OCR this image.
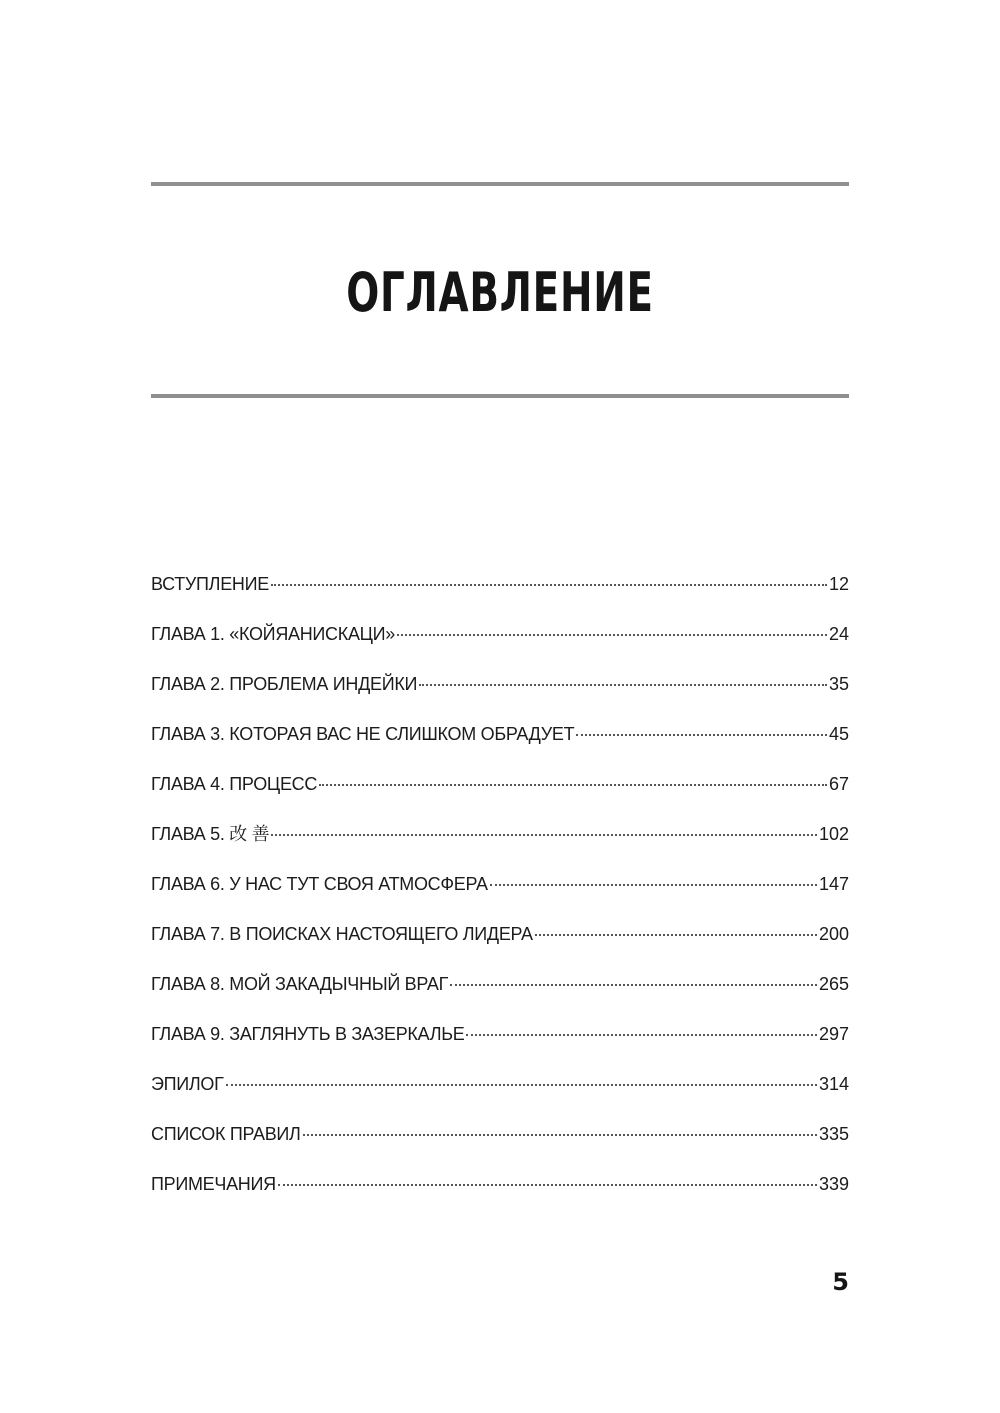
ОГЛАВЛЕНИЕ
ВСТУПЛЕНИЕ	12
ГЛАВА 1. «КОЙЯАНИСКАЦИ»	24
ГЛАВА 2. ПРОБЛЕМА ИНДЕЙКИ	35
ГЛАВА 3. КОТОРАЯ ВАС НЕ СЛИШКОМ ОБРАДУЕТ	45
ГЛАВА 4. ПРОЦЕСС	67
ГЛАВА 5. 改 善	102
ГЛАВА 6. У НАС ТУТ СВОЯ АТМОСФЕРА	147
ГЛАВА 7. В ПОИСКАХ НАСТОЯЩЕГО ЛИДЕРА	200
ГЛАВА 8. МОЙ ЗАКАДЫЧНЫЙ ВРАГ	265
ГЛАВА 9. ЗАГЛЯНУТЬ В ЗАЗЕРКАЛЬЕ	297
ЭПИЛОГ	314
СПИСОК ПРАВИЛ	335
ПРИМЕЧАНИЯ	339
5
